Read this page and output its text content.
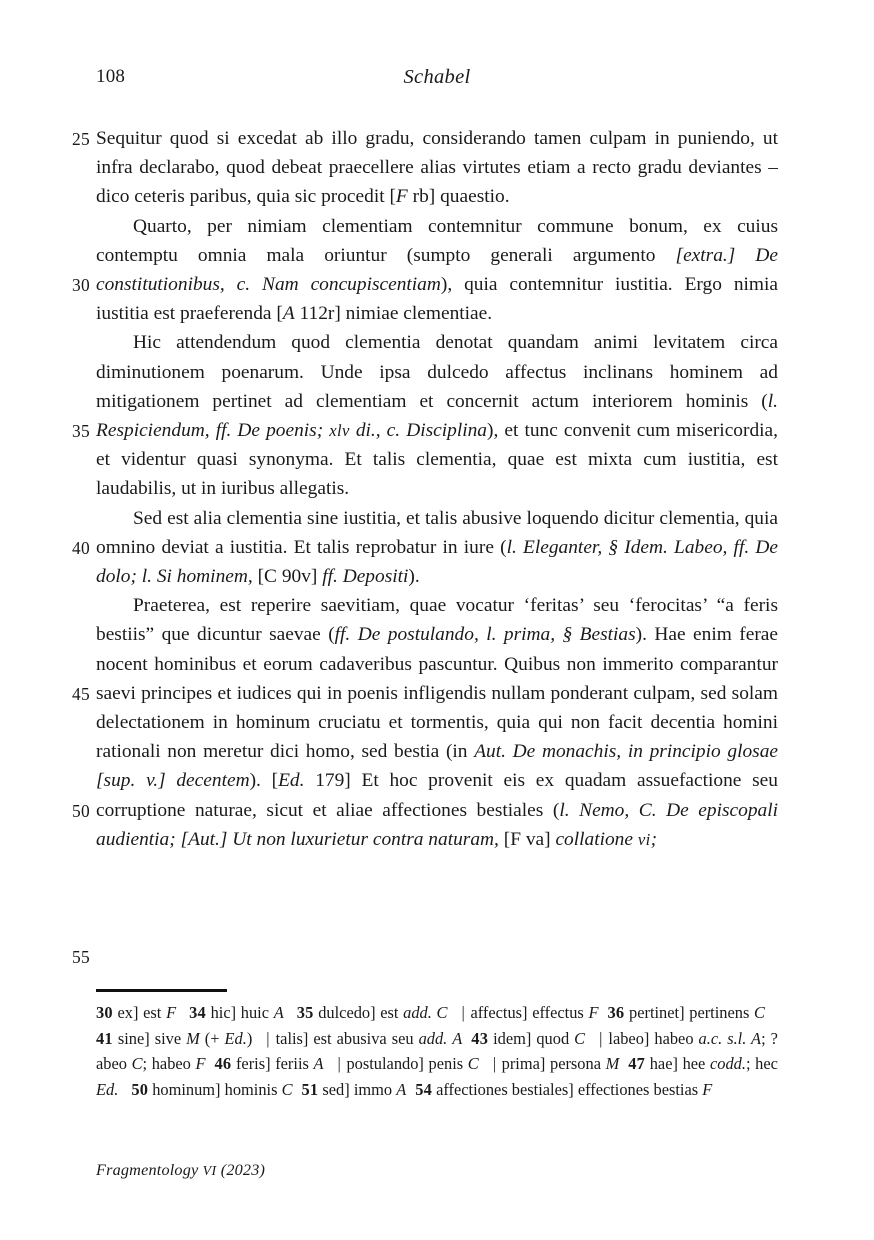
108	Schabel
25
30
35
40
45
50
55

Sequitur quod si excedat ab illo gradu, considerando tamen culpam in puniendo, ut infra declarabo, quod debeat praecellere alias virtutes etiam a recto gradu deviantes – dico ceteris paribus, quia sic procedit [F rb] quaestio.

Quarto, per nimiam clementiam contemnitur commune bonum, ex cuius contemptu omnia mala oriuntur (sumpto generali argumento [extra.] De constitutionibus, c. Nam concupiscentiam), quia contemnitur iustitia. Ergo nimia iustitia est praeferenda [A 112r] nimiae clementiae.

Hic attendendum quod clementia denotat quandam animi levitatem circa diminutionem poenarum. Unde ipsa dulcedo affectus inclinans hominem ad mitigationem pertinet ad clementiam et concernit actum interiorem hominis (l. Respiciendum, ff. De poenis; xlv di., c. Disciplina), et tunc convenit cum misericordia, et videntur quasi synonyma. Et talis clementia, quae est mixta cum iustitia, est laudabilis, ut in iuribus allegatis.

Sed est alia clementia sine iustitia, et talis abusive loquendo dicitur clementia, quia omnino deviat a iustitia. Et talis reprobatur in iure (l. Eleganter, § Idem. Labeo, ff. De dolo; l. Si hominem, [C 90v] ff. Depositi).

Praeterea, est reperire saevitiam, quae vocatur ‘feritas’ seu ‘ferocitas’ “a feris bestiis” que dicuntur saevae (ff. De postulando, l. prima, § Bestias). Hae enim ferae nocent hominibus et eorum cadaveribus pascuntur. Quibus non immerito comparantur saevi principes et iudices qui in poenis infligendis nullam ponderant culpam, sed solam delectationem in hominum cruciatu et tormentis, quia qui non facit decentia homini rationali non meretur dici homo, sed bestia (in Aut. De monachis, in principio glosae [sup. v.] decentem). [Ed. 179] Et hoc provenit eis ex quadam assuefactione seu corruptione naturae, sicut et aliae affectiones bestiales (l. Nemo, C. De episcopali audientia; [Aut.] Ut non luxurietur contra naturam, [F va] collatione vi;

30 ex] est F 34 hic] huic A 35 dulcedo] est add. C | affectus] effectus F 36 pertinet] pertinens C41 sine] sive M (+ Ed.) | talis] est abusiva seu add. A 43 idem] quod C | labeo] habeo a.c. s.l. A; ?abeo C; habeo F 46 feris] feriis A | postulando] penis C | prima] persona M 47 hae] hee codd.; hec Ed. 50 hominum] hominis C 51 sed] immo A 54 affectiones bestiales] effectiones bestias F
Fragmentology VI (2023)
